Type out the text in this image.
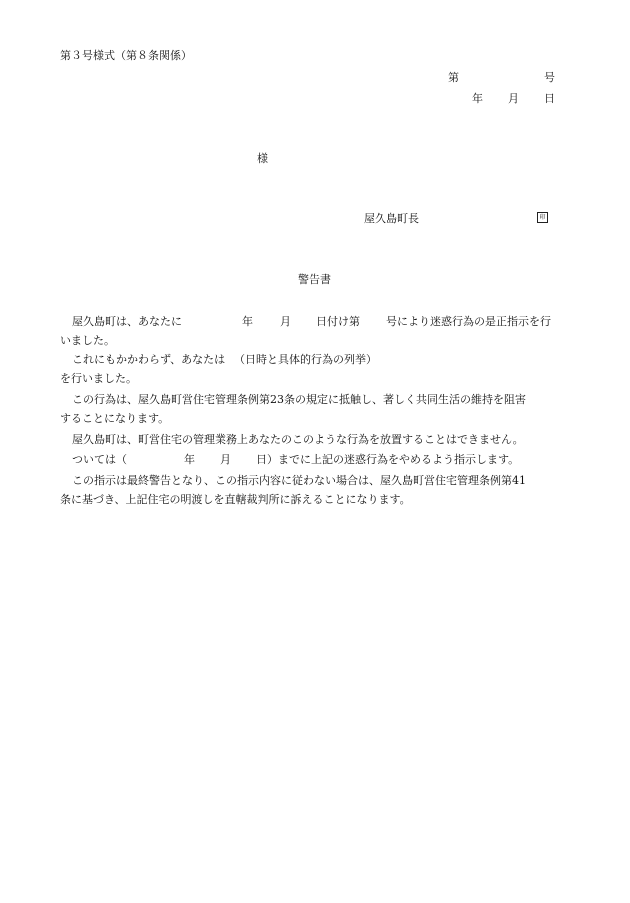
第３号様式（第８条関係）
第	号
年 月 日
様
屋久島町長	印
警告書
屋久島町は、あなたに	年 月 日付け第 号により迷惑行為の是正指示を行
いました。
これにもかかわらず、あなたは （日時と具体的行為の列挙）
を行いました。
この行為は、屋久島町営住宅管理条例第23条の規定に抵触し、著しく共同生活の維持を阻害
することになります。
屋久島町は、町営住宅の管理業務上あなたのこのような行為を放置することはできません。
ついては（	年 月 日）までに上記の迷惑行為をやめるよう指示します。
この指示は最終警告となり、この指示内容に従わない場合は、屋久島町営住宅管理条例第41
条に基づき、上記住宅の明渡しを直轄裁判所に訴えることになります。
